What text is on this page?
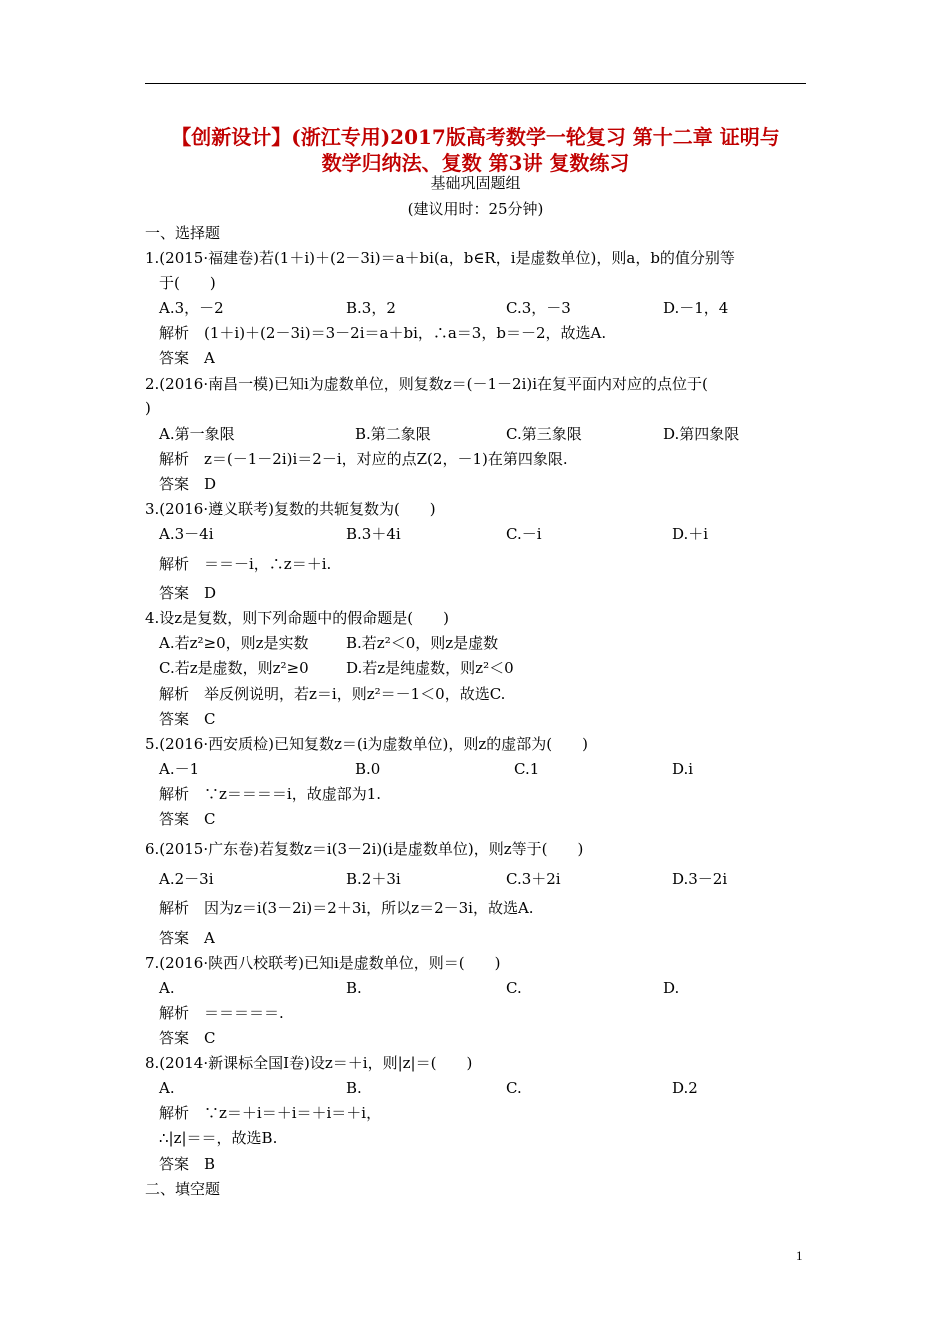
【创新设计】(浙江专用)2017版高考数学一轮复习 第十二章 证明与
数学归纳法、复数 第3讲 复数练习
基础巩固题组
(建议用时：25分钟)
一、选择题
1.(2015·福建卷)若(1＋i)＋(2－3i)＝a＋bi(a，b∈R，i是虚数单位)，则a，b的值分别等
于(　　)
A.3，－2	B.3，2	C.3，－3	D.－1，4
解析　(1＋i)＋(2－3i)＝3－2i＝a＋bi，∴a＝3，b＝－2，故选A.
答案　A
2.(2016·南昌一模)已知i为虚数单位，则复数z＝(－1－2i)i在复平面内对应的点位于(
)
A.第一象限	B.第二象限	C.第三象限	D.第四象限
解析　z＝(－1－2i)i＝2－i，对应的点Z(2，－1)在第四象限.
答案　D
3.(2016·遵义联考)复数的共轭复数为(　　)
A.3－4i	B.3＋4i	C.－i	D.＋i
解析　＝＝－i，∴z＝＋i.
答案　D
4.设z是复数，则下列命题中的假命题是(　　)
A.若z²≥0，则z是实数 B.若z²＜0，则z是虚数
C.若z是虚数，则z²≥0 D.若z是纯虚数，则z²＜0
解析　举反例说明，若z＝i，则z²＝－1＜0，故选C.
答案　C
5.(2016·西安质检)已知复数z＝(i为虚数单位)，则z的虚部为(　　)
A.－1	B.0	C.1	D.i
解析　∵z＝＝＝＝i，故虚部为1.
答案　C
6.(2015·广东卷)若复数z＝i(3－2i)(i是虚数单位)，则z等于(　　)
A.2－3i	B.2＋3i	C.3＋2i	D.3－2i
解析　因为z＝i(3－2i)＝2＋3i，所以z＝2－3i，故选A.
答案　A
7.(2016·陕西八校联考)已知i是虚数单位，则＝(　　)
A.	B.	C.	D.
解析　＝＝＝＝＝.
答案　C
8.(2014·新课标全国Ⅰ卷)设z＝＋i，则|z|＝(　　)
A.	B.	C.	D.2
解析　∵z＝＋i＝＋i＝＋i＝＋i，
∴|z|＝＝，故选B.
答案　B
二、填空题
1
